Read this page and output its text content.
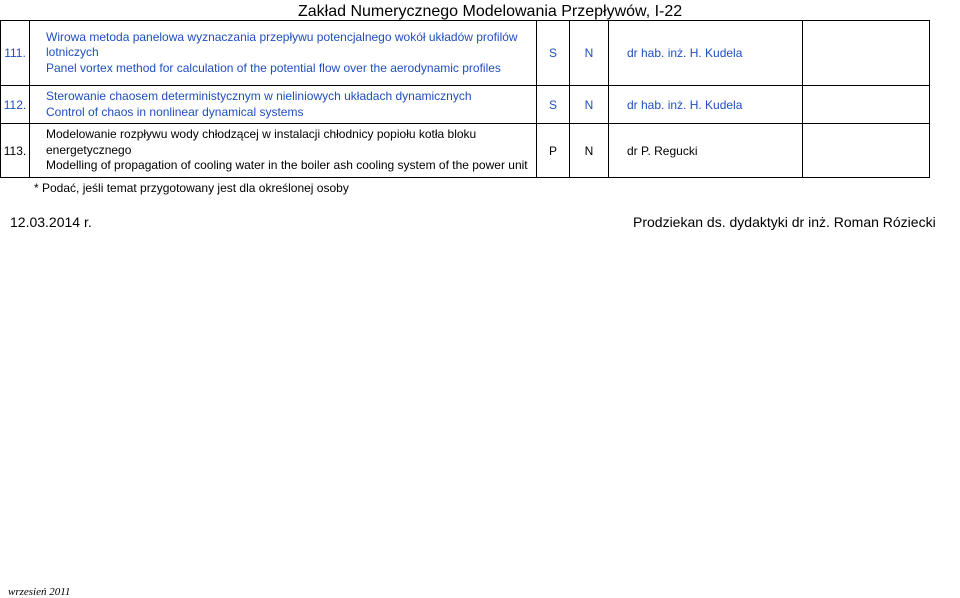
Zakład Numerycznego Modelowania Przepływów, I-22
111.	Wirowa metoda panelowa wyznaczania przepływu potencjalnego wokół układów profilów lotniczych
Panel vortex method for calculation of the potential flow over the aerodynamic profiles	S	N	dr hab. inż. H. Kudela	
112.	Sterowanie chaosem deterministycznym w nieliniowych układach dynamicznych
Control of chaos in nonlinear dynamical systems	S	N	dr hab. inż. H. Kudela	
113.	Modelowanie rozpływu wody chłodzącej w instalacji chłodnicy popiołu kotła bloku energetycznego
Modelling of propagation of cooling water in the boiler ash cooling system of the power unit	P	N	dr P. Regucki	
* Podać, jeśli temat przygotowany jest dla określonej osoby
12.03.2014 r.	Prodziekan ds. dydaktyki dr inż. Roman Róziecki
wrzesień 2011
